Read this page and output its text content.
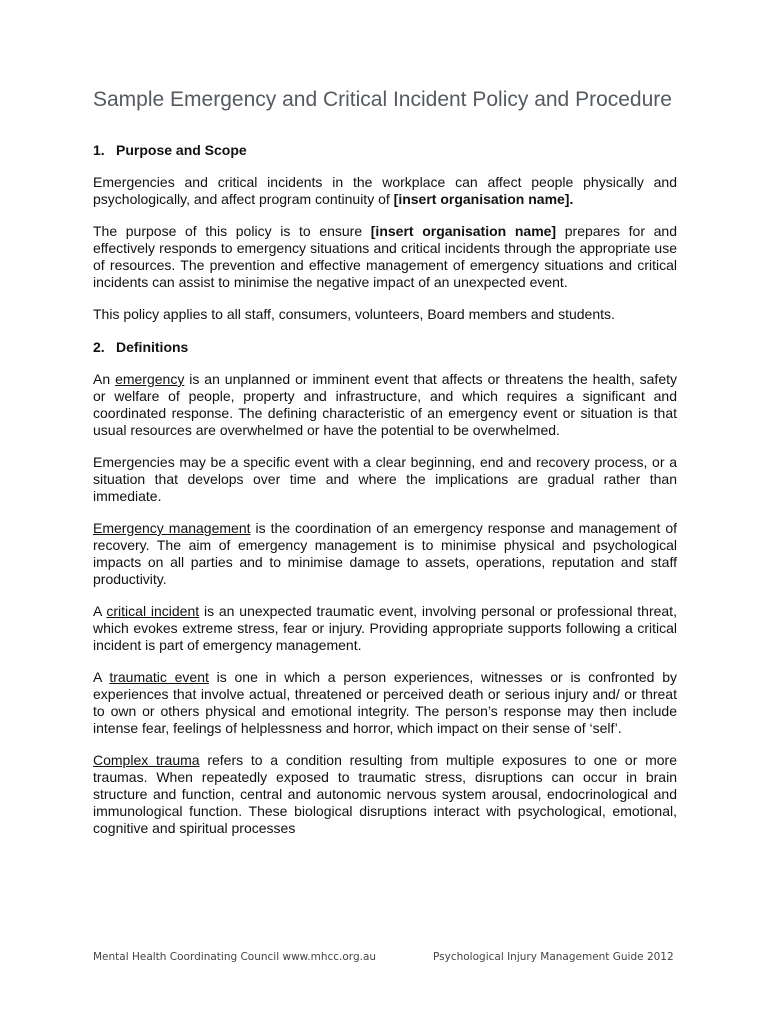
Sample Emergency and Critical Incident Policy and Procedure
1. Purpose and Scope

Emergencies and critical incidents in the workplace can affect people physically and psychologically, and affect program continuity of [insert organisation name].

The purpose of this policy is to ensure [insert organisation name] prepares for and effectively responds to emergency situations and critical incidents through the appropriate use of resources. The prevention and effective management of emergency situations and critical incidents can assist to minimise the negative impact of an unexpected event.

This policy applies to all staff, consumers, volunteers, Board members and students.

2. Definitions

An emergency is an unplanned or imminent event that affects or threatens the health, safety or welfare of people, property and infrastructure, and which requires a significant and coordinated response. The defining characteristic of an emergency event or situation is that usual resources are overwhelmed or have the potential to be overwhelmed.

Emergencies may be a specific event with a clear beginning, end and recovery process, or a situation that develops over time and where the implications are gradual rather than immediate.

Emergency management is the coordination of an emergency response and management of recovery. The aim of emergency management is to minimise physical and psychological impacts on all parties and to minimise damage to assets, operations, reputation and staff productivity.

A critical incident is an unexpected traumatic event, involving personal or professional threat, which evokes extreme stress, fear or injury. Providing appropriate supports following a critical incident is part of emergency management.

A traumatic event is one in which a person experiences, witnesses or is confronted by experiences that involve actual, threatened or perceived death or serious injury and/ or threat to own or others physical and emotional integrity. The person’s response may then include intense fear, feelings of helplessness and horror, which impact on their sense of ‘self’.

Complex trauma refers to a condition resulting from multiple exposures to one or more traumas. When repeatedly exposed to traumatic stress, disruptions can occur in brain structure and function, central and autonomic nervous system arousal, endocrinological and immunological function. These biological disruptions interact with psychological, emotional, cognitive and spiritual processes

Mental Health Coordinating Council www.mhcc.org.au	Psychological Injury Management Guide 2012
